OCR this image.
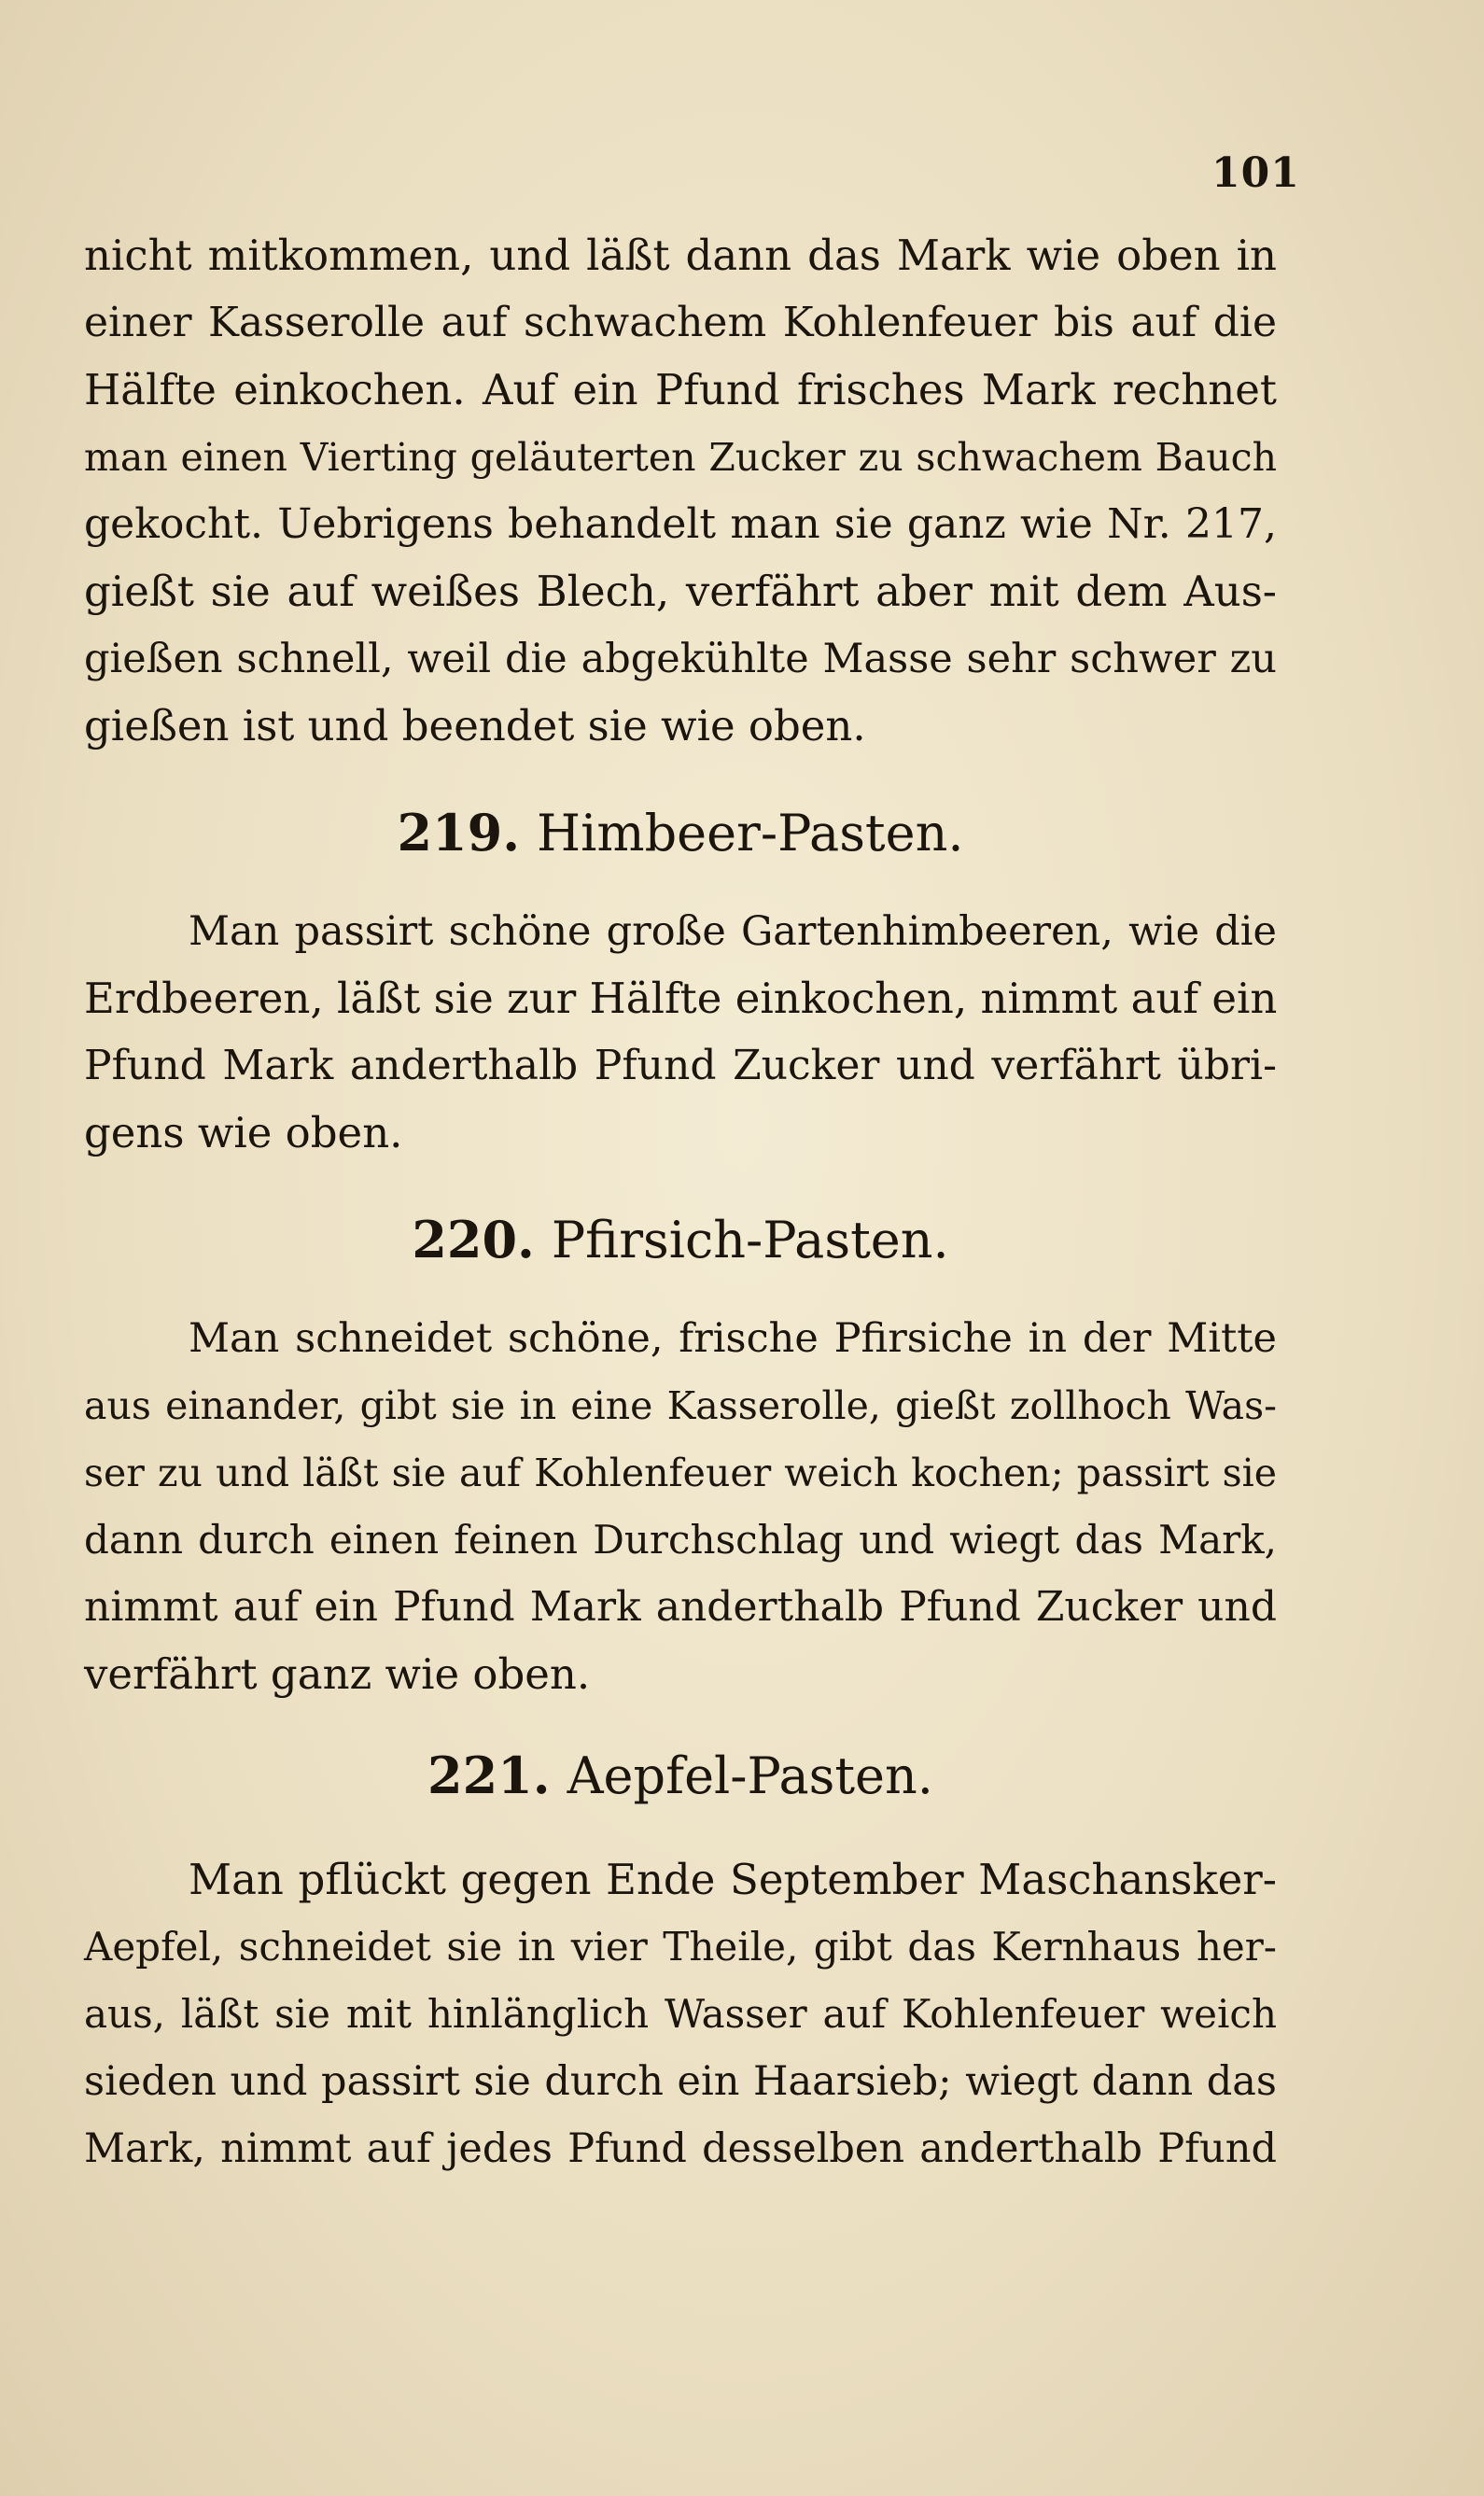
101
nicht mitkommen, und läßt dann das Mark wie oben in
einer Kasserolle auf schwachem Kohlenfeuer bis auf die
Hälfte einkochen. Auf ein Pfund frisches Mark rechnet
man einen Vierting geläuterten Zucker zu schwachem Bauch
gekocht. Uebrigens behandelt man sie ganz wie Nr. 217,
gießt sie auf weißes Blech, verfährt aber mit dem Aus-
gießen schnell, weil die abgekühlte Masse sehr schwer zu
gießen ist und beendet sie wie oben.
219. Himbeer-Pasten.
Man passirt schöne große Gartenhimbeeren, wie die
Erdbeeren, läßt sie zur Hälfte einkochen, nimmt auf ein
Pfund Mark anderthalb Pfund Zucker und verfährt übri-
gens wie oben.
220. Pfirsich-Pasten.
Man schneidet schöne, frische Pfirsiche in der Mitte
aus einander, gibt sie in eine Kasserolle, gießt zollhoch Was-
ser zu und läßt sie auf Kohlenfeuer weich kochen; passirt sie
dann durch einen feinen Durchschlag und wiegt das Mark,
nimmt auf ein Pfund Mark anderthalb Pfund Zucker und
verfährt ganz wie oben.
221. Aepfel-Pasten.
Man pflückt gegen Ende September Maschansker-
Aepfel, schneidet sie in vier Theile, gibt das Kernhaus her-
aus, läßt sie mit hinlänglich Wasser auf Kohlenfeuer weich
sieden und passirt sie durch ein Haarsieb; wiegt dann das
Mark, nimmt auf jedes Pfund desselben anderthalb Pfund
